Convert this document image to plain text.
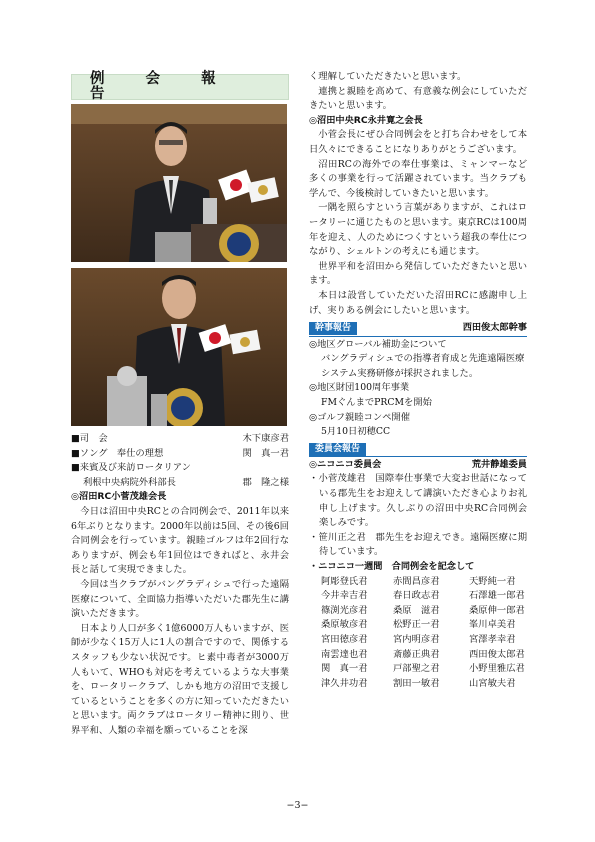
例 会 報 告
■司　会	木下康彦君
■ソング　奉仕の理想	関　真一君
■来賓及び来訪ロータリアン
利根中央病院外科部長	郡　隆之様
◎沼田RC小菅茂雄会長

今日は沼田中央RCとの合同例会で、2011年以来6年ぶりとなります。2000年以前は5回、その後6回合同例会を行っています。親睦ゴルフは年2回行なありますが、例会も年1回位はできればと、永井会長と話して実現できました。

今回は当クラブがバングラディシュで行った遠隔医療について、全面協力指導いただいた郡先生に講演いただきます。

日本より人口が多く1億6000万人もいますが、医師が少なく15万人に1人の割合ですので、関係するスタッフも少ない状況です。ヒ素中毒者が3000万人もいて、WHOも対応を考えているような大事業を、ロータリークラブ、しかも地方の沼田で支援しているということを多くの方に知っていただきたいと思います。両クラブはロータリー精神に則り、世界平和、人類の幸福を願っていることを深

く理解していただきたいと思います。

連携と親睦を高めて、有意義な例会にしていただきたいと思います。

◎沼田中央RC永井寛之会長

小菅会長にぜひ合同例会をと打ち合わせをして本日久々にできることになりありがとうございます。

沼田RCの海外での奉仕事業は、ミャンマーなど多くの事業を行って活躍されています。当クラブも学んで、今後検討していきたいと思います。

一隅を照らすという言葉がありますが、これはロータリーに通じたものと思います。東京RCは100周年を迎え、人のためにつくすという超我の奉仕につながり、シェルトンの考えにも通じます。

世界平和を沼田から発信していただきたいと思います。

本日は設営していただいた沼田RCに感謝申し上げ、実りある例会にしたいと思います。

幹事報告	西田俊太郎幹事

◎地区グローバル補助金について

バングラディシュでの指導者育成と先進遠隔医療システム実務研修が採択されました。

◎地区財団100周年事業

FMぐんまでPRCMを開始

◎ゴルフ親睦コンペ開催

5月10日初穂CC

委員会報告
◎ニコニコ委員会	荒井静雄委員

・小菅茂雄君　国際奉仕事業で大変お世話になっている郡先生をお迎えして講演いただき心よりお礼申し上げます。久しぶりの沼田中央RC合同例会楽しみです。

・笹川正之君　郡先生をお迎えでき。遠隔医療に期待しています。

・ニコニコ一週間　合同例会を記念して
阿彫登氏君	赤間昌彦君	天野純一君
今井幸吉君	春日政志君	石澤雄一郎君
篠渕光彦君	桑原　滋君	桑原伸一郎君
桑原敏彦君	松野正一君	峯川卓美君
宮田徳彦君	宮内明彦君	宮澤孝幸君
南雲達也君	斎藤正典君	西田俊太郎君
関　真一君	戸部聖之君	小野里雅広君
津久井功君	割田一敏君	山宮敏夫君
−3−
